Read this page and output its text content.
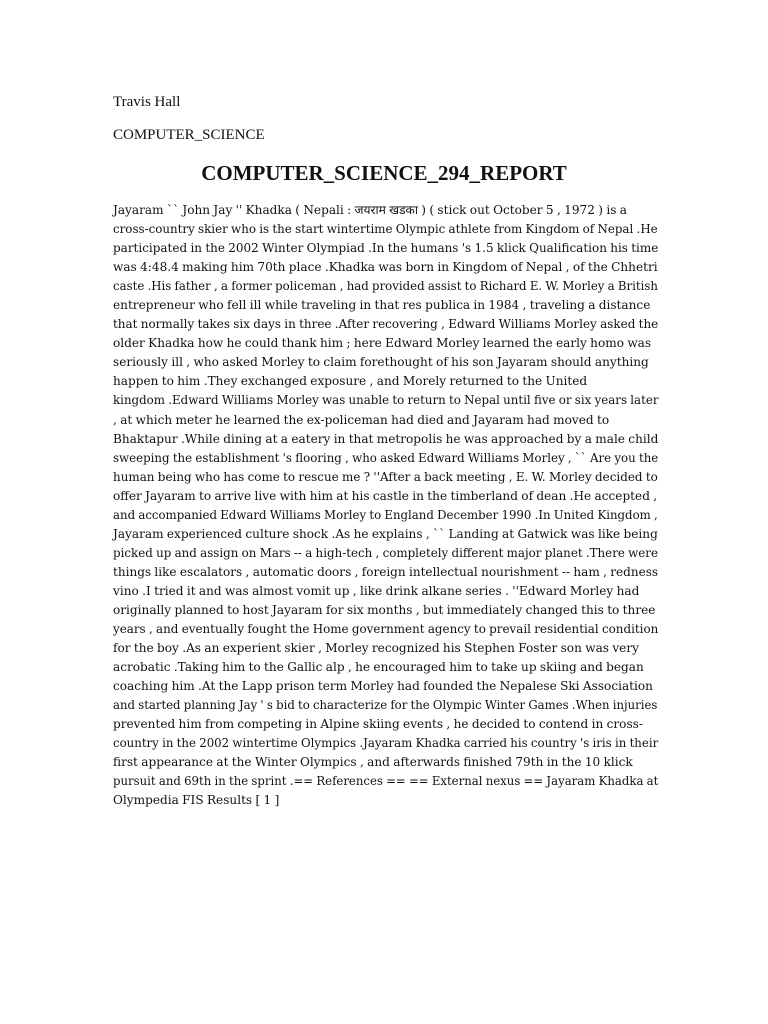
Travis Hall
COMPUTER_SCIENCE
COMPUTER_SCIENCE_294_REPORT
Jayaram `` John Jay '' Khadka ( Nepali : जयराम खडका ) ( stick out October 5 , 1972 ) is a
cross-country skier who is the start wintertime Olympic athlete from Kingdom of Nepal .He
participated in the 2002 Winter Olympiad .In the humans 's 1.5 klick Qualification his time
was 4:48.4 making him 70th place .Khadka was born in Kingdom of Nepal , of the Chhetri
caste .His father , a former policeman , had provided assist to Richard E. W. Morley a British
entrepreneur who fell ill while traveling in that res publica in 1984 , traveling a distance
that normally takes six days in three .After recovering , Edward Williams Morley asked the
older Khadka how he could thank him ; here Edward Morley learned the early homo was
seriously ill , who asked Morley to claim forethought of his son Jayaram should anything
happen to him .They exchanged exposure , and Morely returned to the United
kingdom .Edward Williams Morley was unable to return to Nepal until five or six years later
, at which meter he learned the ex-policeman had died and Jayaram had moved to
Bhaktapur .While dining at a eatery in that metropolis he was approached by a male child
sweeping the establishment 's flooring , who asked Edward Williams Morley , `` Are you the
human being who has come to rescue me ? ''After a back meeting , E. W. Morley decided to
offer Jayaram to arrive live with him at his castle in the timberland of dean .He accepted ,
and accompanied Edward Williams Morley to England December 1990 .In United Kingdom ,
Jayaram experienced culture shock .As he explains , `` Landing at Gatwick was like being
picked up and assign on Mars -- a high-tech , completely different major planet .There were
things like escalators , automatic doors , foreign intellectual nourishment -- ham , redness
vino .I tried it and was almost vomit up , like drink alkane series . ''Edward Morley had
originally planned to host Jayaram for six months , but immediately changed this to three
years , and eventually fought the Home government agency to prevail residential condition
for the boy .As an experient skier , Morley recognized his Stephen Foster son was very
acrobatic .Taking him to the Gallic alp , he encouraged him to take up skiing and began
coaching him .At the Lapp prison term Morley had founded the Nepalese Ski Association
and started planning Jay ' s bid to characterize for the Olympic Winter Games .When injuries
prevented him from competing in Alpine skiing events , he decided to contend in cross-
country in the 2002 wintertime Olympics .Jayaram Khadka carried his country 's iris in their
first appearance at the Winter Olympics , and afterwards finished 79th in the 10 klick
pursuit and 69th in the sprint .== References == == External nexus == Jayaram Khadka at
Olympedia FIS Results [ 1 ]
